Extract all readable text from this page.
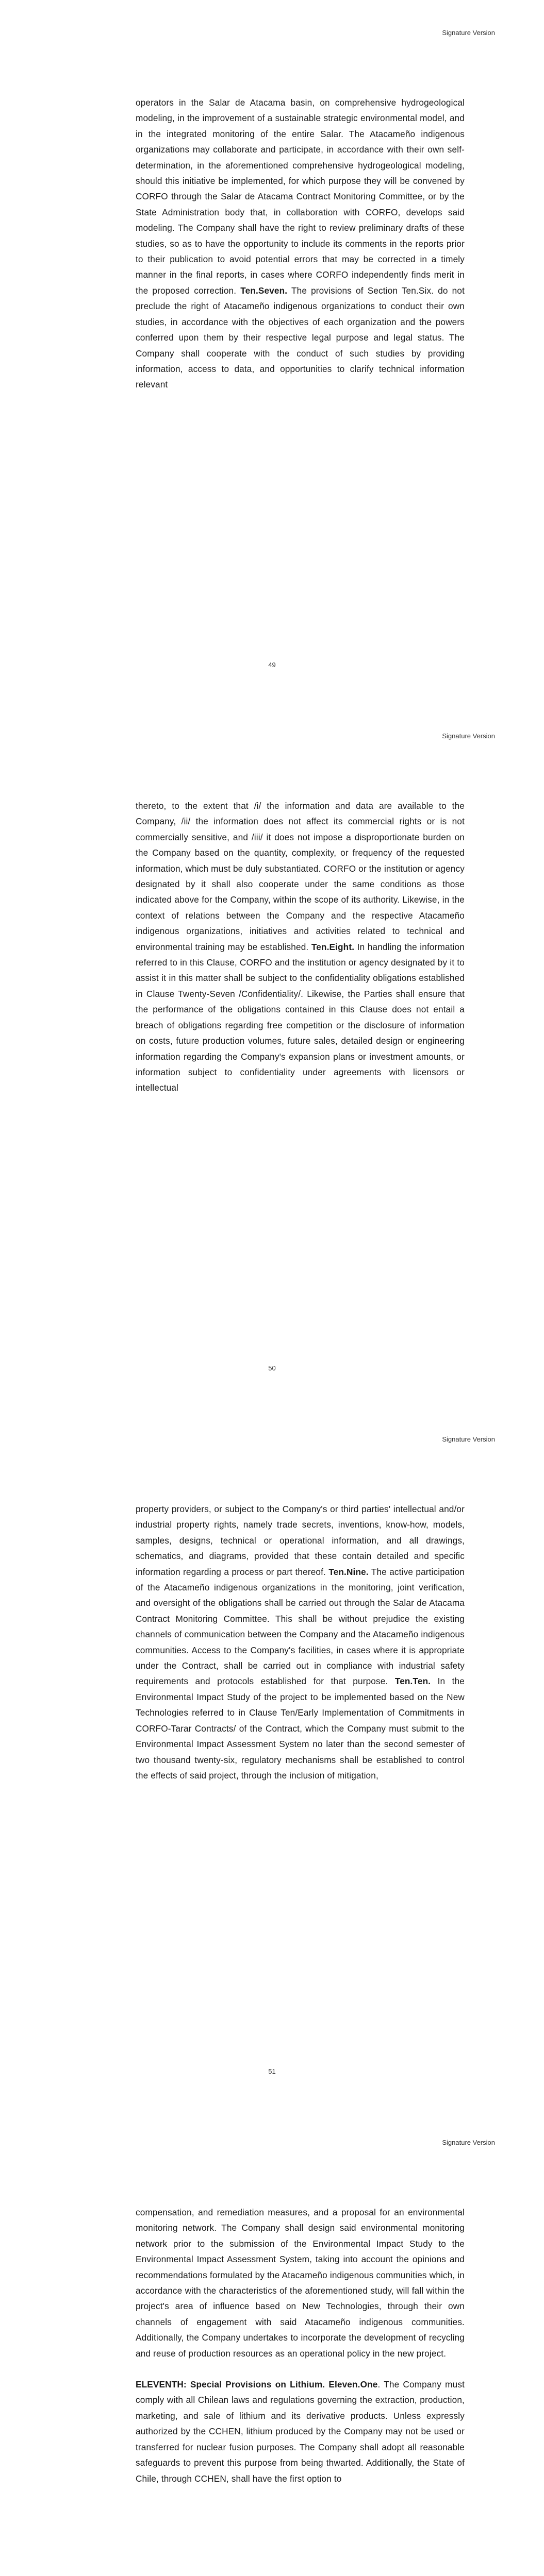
Signature Version

operators in the Salar de Atacama basin, on comprehensive hydrogeological modeling, in the improvement of a sustainable strategic environmental model, and in the integrated monitoring of the entire Salar. The Atacameño indigenous organizations may collaborate and participate, in accordance with their own self-determination, in the aforementioned comprehensive hydrogeological modeling, should this initiative be implemented, for which purpose they will be convened by CORFO through the Salar de Atacama Contract Monitoring Committee, or by the State Administration body that, in collaboration with CORFO, develops said modeling. The Company shall have the right to review preliminary drafts of these studies, so as to have the opportunity to include its comments in the reports prior to their publication to avoid potential errors that may be corrected in a timely manner in the final reports, in cases where CORFO independently finds merit in the proposed correction. Ten.Seven. The provisions of Section Ten.Six. do not preclude the right of Atacameño indigenous organizations to conduct their own studies, in accordance with the objectives of each organization and the powers conferred upon them by their respective legal purpose and legal status. The Company shall cooperate with the conduct of such studies by providing information, access to data, and opportunities to clarify technical information relevant

49
Signature Version

thereto, to the extent that /i/ the information and data are available to the Company, /ii/ the information does not affect its commercial rights or is not commercially sensitive, and /iii/ it does not impose a disproportionate burden on the Company based on the quantity, complexity, or frequency of the requested information, which must be duly substantiated. CORFO or the institution or agency designated by it shall also cooperate under the same conditions as those indicated above for the Company, within the scope of its authority. Likewise, in the context of relations between the Company and the respective Atacameño indigenous organizations, initiatives and activities related to technical and environmental training may be established. Ten.Eight. In handling the information referred to in this Clause, CORFO and the institution or agency designated by it to assist it in this matter shall be subject to the confidentiality obligations established in Clause Twenty-Seven /Confidentiality/. Likewise, the Parties shall ensure that the performance of the obligations contained in this Clause does not entail a breach of obligations regarding free competition or the disclosure of information on costs, future production volumes, future sales, detailed design or engineering information regarding the Company's expansion plans or investment amounts, or information subject to confidentiality under agreements with licensors or intellectual

50
Signature Version

property providers, or subject to the Company's or third parties' intellectual and/or industrial property rights, namely trade secrets, inventions, know-how, models, samples, designs, technical or operational information, and all drawings, schematics, and diagrams, provided that these contain detailed and specific information regarding a process or part thereof. Ten.Nine. The active participation of the Atacameño indigenous organizations in the monitoring, joint verification, and oversight of the obligations shall be carried out through the Salar de Atacama Contract Monitoring Committee. This shall be without prejudice the existing channels of communication between the Company and the Atacameño indigenous communities. Access to the Company's facilities, in cases where it is appropriate under the Contract, shall be carried out in compliance with industrial safety requirements and protocols established for that purpose. Ten.Ten. In the Environmental Impact Study of the project to be implemented based on the New Technologies referred to in Clause Ten/Early Implementation of Commitments in CORFO-Tarar Contracts/ of the Contract, which the Company must submit to the Environmental Impact Assessment System no later than the second semester of two thousand twenty-six, regulatory mechanisms shall be established to control the effects of said project, through the inclusion of mitigation,

51
Signature Version

compensation, and remediation measures, and a proposal for an environmental monitoring network. The Company shall design said environmental monitoring network prior to the submission of the Environmental Impact Study to the Environmental Impact Assessment System, taking into account the opinions and recommendations formulated by the Atacameño indigenous communities which, in accordance with the characteristics of the aforementioned study, will fall within the project's area of influence based on New Technologies, through their own channels of engagement with said Atacameño indigenous communities. Additionally, the Company undertakes to incorporate the development of recycling and reuse of production resources as an operational policy in the new project.

ELEVENTH: Special Provisions on Lithium. Eleven.One. The Company must comply with all Chilean laws and regulations governing the extraction, production, marketing, and sale of lithium and its derivative products. Unless expressly authorized by the CCHEN, lithium produced by the Company may not be used or transferred for nuclear fusion purposes. The Company shall adopt all reasonable safeguards to prevent this purpose from being thwarted. Additionally, the State of Chile, through CCHEN, shall have the first option to
